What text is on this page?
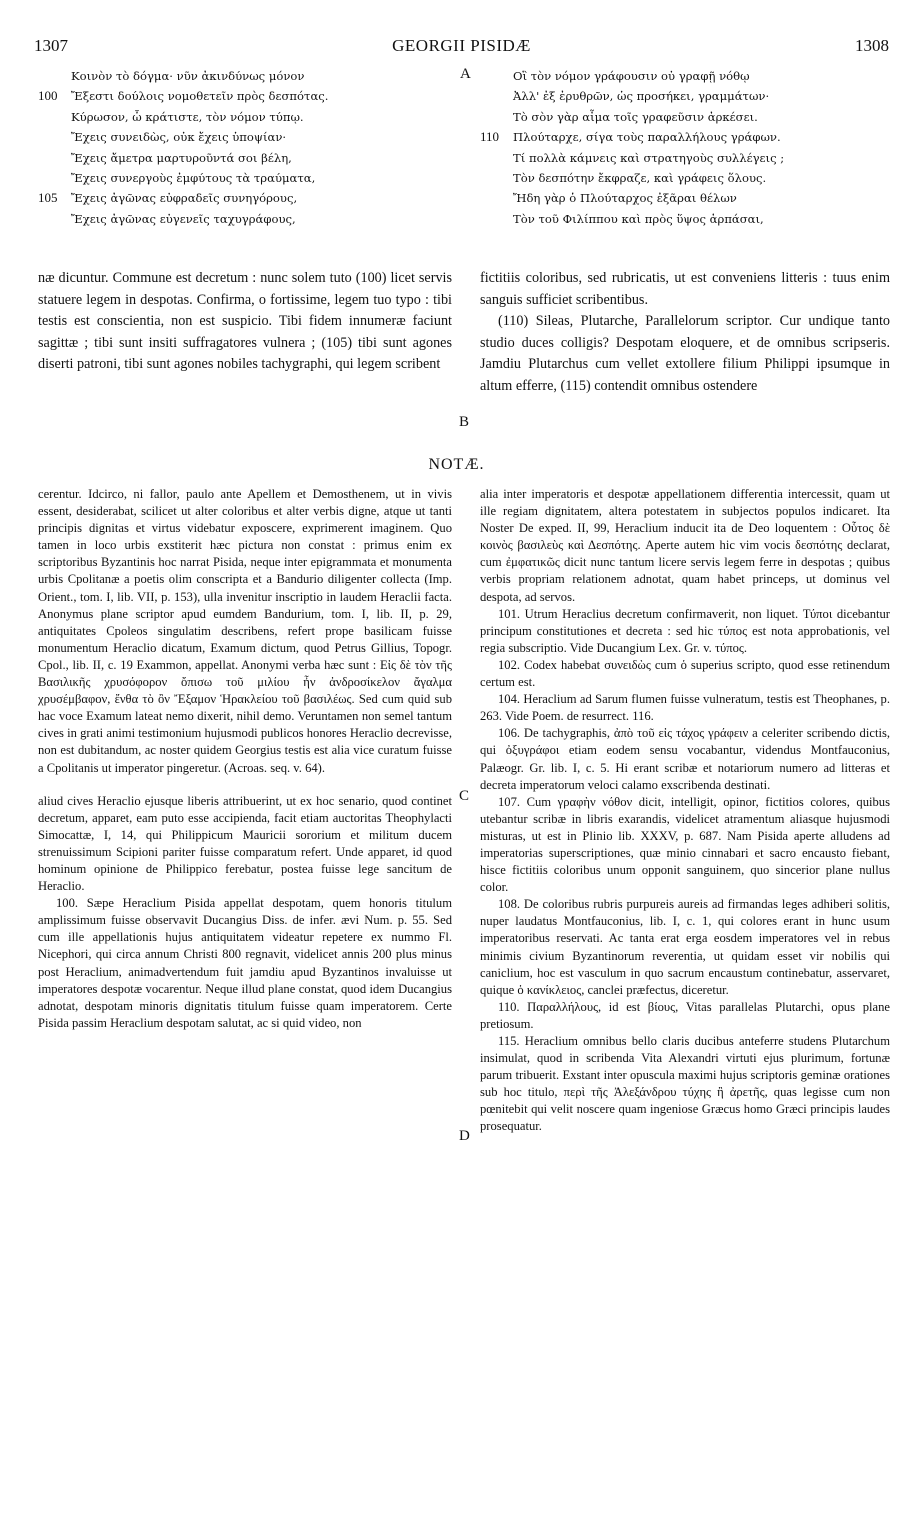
1307	GEORGII PISIDÆ	1308
Κοινὸν τὸ δόγμα· νῦν ἀκινδύνως μόνον
100 Ἔξεστι δούλοις νομοθετεῖν πρὸς δεσπότας.
Κύρωσον, ὦ κράτιστε, τὸν νόμον τύπῳ.
Ἔχεις συνειδὼς, οὐκ ἔχεις ὑποψίαν·
Ἔχεις ἄμετρα μαρτυροῦντά σοι βέλη,
Ἔχεις συνεργοὺς ἐμφύτους τὰ τραύματα,
105 Ἔχεις ἀγῶνας εὐφραδεῖς συνηγόρους,
Ἔχεις ἀγῶνας εὐγενεῖς ταχυγράφους,
A	Οἳ τὸν νόμον γράφουσιν οὐ γραφῇ νόθῳ
Ἀλλ' ἐξ ἐρυθρῶν, ὡς προσήκει, γραμμάτων·
Τὸ σὸν γὰρ αἷμα τοῖς γραφεῦσιν ἀρκέσει.
110 Πλούταρχε, σίγα τοὺς παραλλήλους γράφων.
Τί πολλὰ κάμνεις καὶ στρατηγοὺς συλλέγεις ;
Τὸν δεσπότην ἔκφραζε, καὶ γράφεις ὅλους.
Ἤδη γὰρ ὁ Πλούταρχος ἐξᾶραι θέλων
Τὸν τοῦ Φιλίππου καὶ πρὸς ὕψος ἁρπάσαι,

næ dicuntur. Commune est decretum : nunc solem tuto (100) licet servis statuere legem in despotas. Confirma, o fortissime, legem tuo typo : tibi testis est conscientia, non est suspicio. Tibi fidem innumeræ faciunt sagittæ ; tibi sunt insiti suffragatores vulnera ; (105) tibi sunt agones diserti patroni, tibi sunt agones nobiles tachygraphi, qui legem scribent

B

fictitiis coloribus, sed rubricatis, ut est conveniens litteris : tuus enim sanguis sufficiet scribentibus.

(110) Sileas, Plutarche, Parallelorum scriptor. Cur undique tanto studio duces colligis? Despotam eloquere, et de omnibus scripseris. Jamdiu Plutarchus cum vellet extollere filium Philippi ipsumque in altum efferre, (115) contendit omnibus ostendere

NOTÆ.

cerentur. Idcirco, ni fallor, paulo ante Apellem et Demosthenem, ut in vivis essent, desiderabat, scilicet ut alter coloribus et alter verbis digne, atque ut tanti principis dignitas et virtus videbatur exposcere, exprimerent imaginem. Quo tamen in loco urbis exstiterit hæc pictura non constat : primus enim ex scriptoribus Byzantinis hoc narrat Pisida, neque inter epigrammata et monumenta urbis Cpolitanæ a poetis olim conscripta et a Bandurio diligenter collecta (Imp. Orient., tom. I, lib. VII, p. 153), ulla invenitur inscriptio in laudem Heraclii facta. Anonymus plane scriptor apud eumdem Bandurium, tom. I, lib. II, p. 29, antiquitates Cpoleos singulatim describens, refert prope basilicam fuisse monumentum Heraclio dicatum, Examum dictum, quod Petrus Gillius, Topogr. Cpol., lib. II, c. 19 Exammon, appellat. Anonymi verba hæc sunt : Εἰς δὲ τὸν τῆς Βασιλικῆς χρυσόφορον ὄπισω τοῦ μιλίου ἦν ἀνδροσίκελον ἄγαλμα χρυσέμβαφον, ἔνθα τὸ ὂν Ἔξαμον Ἡρακλείου τοῦ βασιλέως. Sed cum quid sub hac voce Examum lateat nemo dixerit, nihil demo. Veruntamen non semel tantum cives in grati animi testimonium hujusmodi publicos honores Heraclio decrevisse, non est dubitandum, ac noster quidem Georgius testis est alia vice curatum fuisse a Cpolitanis ut imperator pingeretur. (Acroas. seq. v. 64).

aliud cives Heraclio ejusque liberis attribuerint, ut ex hoc senario, quod continet decretum, apparet, eam puto esse accipienda, facit etiam auctoritas Theophylacti Simocattæ, I, 14, qui Philippicum Mauricii sororium et militum ducem strenuissimum Scipioni pariter fuisse comparatum refert. Unde apparet, id quod hominum opinione de Philippico ferebatur, postea fuisse lege sancitum de Heraclio.

100. Sæpe Heraclium Pisida appellat despotam, quem honoris titulum amplissimum fuisse observavit Ducangius Diss. de infer. ævi Num. p. 55. Sed cum ille appellationis hujus antiquitatem videatur repetere ex nummo Fl. Nicephori, qui circa annum Christi 800 regnavit, videlicet annis 200 plus minus post Heraclium, animadvertendum fuit jamdiu apud Byzantinos invaluisse ut imperatores despotæ vocarentur. Neque illud plane constat, quod idem Ducangius adnotat, despotam minoris dignitatis titulum fuisse quam imperatorem. Certe Pisida passim Heraclium despotam salutat, ac si quid video, non

C
D

alia inter imperatoris et despotæ appellationem differentia intercessit, quam ut ille regiam dignitatem, altera potestatem in subjectos populos indicaret. Ita Noster De exped. II, 99, Heraclium inducit ita de Deo loquentem : Οὗτος δὲ κοινὸς βασιλεὺς καὶ Δεσπότης. Aperte autem hic vim vocis δεσπότης declarat, cum ἐμφατικῶς dicit nunc tantum licere servis legem ferre in despotas ; quibus verbis propriam relationem adnotat, quam habet princeps, ut dominus vel despota, ad servos.

101. Utrum Heraclius decretum confirmaverit, non liquet. Τύποι dicebantur principum constitutiones et decreta : sed hic τύπος est nota approbationis, vel regia subscriptio. Vide Ducangium Lex. Gr. v. τύπος.

102. Codex habebat συνειδὼς cum ὁ superius scripto, quod esse retinendum certum est.

104. Heraclium ad Sarum flumen fuisse vulneratum, testis est Theophanes, p. 263. Vide Poem. de resurrect. 116.

106. De tachygraphis, ἀπὸ τοῦ εἰς τάχος γράφειν a celeriter scribendo dictis, qui ὀξυγράφοι etiam eodem sensu vocabantur, videndus Montfauconius, Palæogr. Gr. lib. I, c. 5. Hi erant scribæ et notariorum numero ad litteras et decreta imperatorum veloci calamo exscribenda destinati.

107. Cum γραφὴν νόθον dicit, intelligit, opinor, fictitios colores, quibus utebantur scribæ in libris exarandis, videlicet atramentum aliasque hujusmodi misturas, ut est in Plinio lib. XXXV, p. 687. Nam Pisida aperte alludens ad imperatorias superscriptiones, quæ minio cinnabari et sacro encausto fiebant, hisce fictitiis coloribus unum opponit sanguinem, quo sincerior plane nullus color.

108. De coloribus rubris purpureis aureis ad firmandas leges adhiberi solitis, nuper laudatus Montfauconius, lib. I, c. 1, qui colores erant in hunc usum imperatoribus reservati. Ac tanta erat erga eosdem imperatores vel in rebus minimis civium Byzantinorum reverentia, ut quidam esset vir nobilis qui caniclium, hoc est vasculum in quo sacrum encaustum continebatur, asservaret, quique ὁ κανίκλειος, canclei præfectus, diceretur.

110. Παραλλήλους, id est βίους, Vitas parallelas Plutarchi, opus plane pretiosum.

115. Heraclium omnibus bello claris ducibus anteferre studens Plutarchum insimulat, quod in scribenda Vita Alexandri virtuti ejus plurimum, fortunæ parum tribuerit. Exstant inter opuscula maximi hujus scriptoris geminæ orationes sub hoc titulo, περὶ τῆς Ἀλεξάνδρου τύχης ἢ ἀρετῆς, quas legisse cum non pœnitebit qui velit noscere quam ingeniose Græcus homo Græci principis laudes prosequatur.
